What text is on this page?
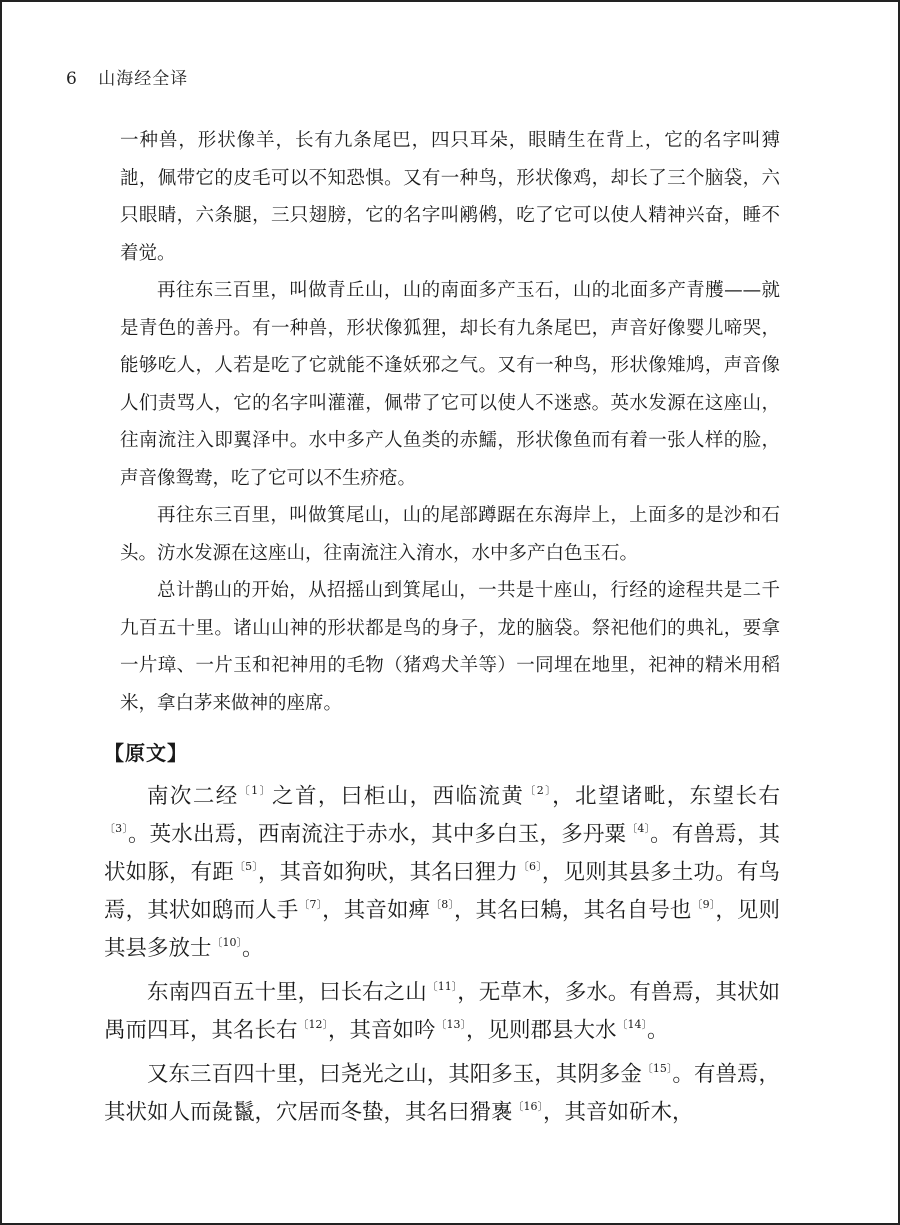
6 山海经全译

一种兽，形状像羊，长有九条尾巴，四只耳朵，眼睛生在背上，它的名字叫猼訑，佩带它的皮毛可以不知恐惧。又有一种鸟，形状像鸡，却长了三个脑袋，六只眼睛，六条腿，三只翅膀，它的名字叫鹇鸺，吃了它可以使人精神兴奋，睡不着觉。

再往东三百里，叫做青丘山，山的南面多产玉石，山的北面多产青雘——就是青色的善丹。有一种兽，形状像狐狸，却长有九条尾巴，声音好像婴儿啼哭，能够吃人，人若是吃了它就能不逢妖邪之气。又有一种鸟，形状像雉鸠，声音像人们责骂人，它的名字叫灌灌，佩带了它可以使人不迷惑。英水发源在这座山，往南流注入即翼泽中。水中多产人鱼类的赤鱬，形状像鱼而有着一张人样的脸，声音像鸳鸯，吃了它可以不生疥疮。

再往东三百里，叫做箕尾山，山的尾部蹲踞在东海岸上，上面多的是沙和石头。汸水发源在这座山，往南流注入淯水，水中多产白色玉石。

总计鹊山的开始，从招摇山到箕尾山，一共是十座山，行经的途程共是二千九百五十里。诸山山神的形状都是鸟的身子，龙的脑袋。祭祀他们的典礼，要拿一片璋、一片玉和祀神用的毛物（猪鸡犬羊等）一同埋在地里，祀神的精米用稻米，拿白茅来做神的座席。

【原文】

南次二经$^{〔1〕}$之首，曰柜山，西临流黄$^{〔2〕}$，北望诸毗，东望长右$^{〔3〕}$。英水出焉，西南流注于赤水，其中多白玉，多丹粟$^{〔4〕}$。有兽焉，其状如豚，有距$^{〔5〕}$，其音如狗吠，其名曰狸力$^{〔6〕}$，见则其县多土功。有鸟焉，其状如鸱而人手$^{〔7〕}$，其音如痺$^{〔8〕}$，其名曰鴸，其名自号也$^{〔9〕}$，见则其县多放士$^{〔10〕}$。

东南四百五十里，曰长右之山$^{〔11〕}$，无草木，多水。有兽焉，其状如禺而四耳，其名长右$^{〔12〕}$，其音如吟$^{〔13〕}$，见则郡县大水$^{〔14〕}$。

又东三百四十里，曰尧光之山，其阳多玉，其阴多金$^{〔15〕}$。有兽焉，其状如人而彘鬣，穴居而冬蛰，其名曰猾褢$^{〔16〕}$，其音如斫木，
